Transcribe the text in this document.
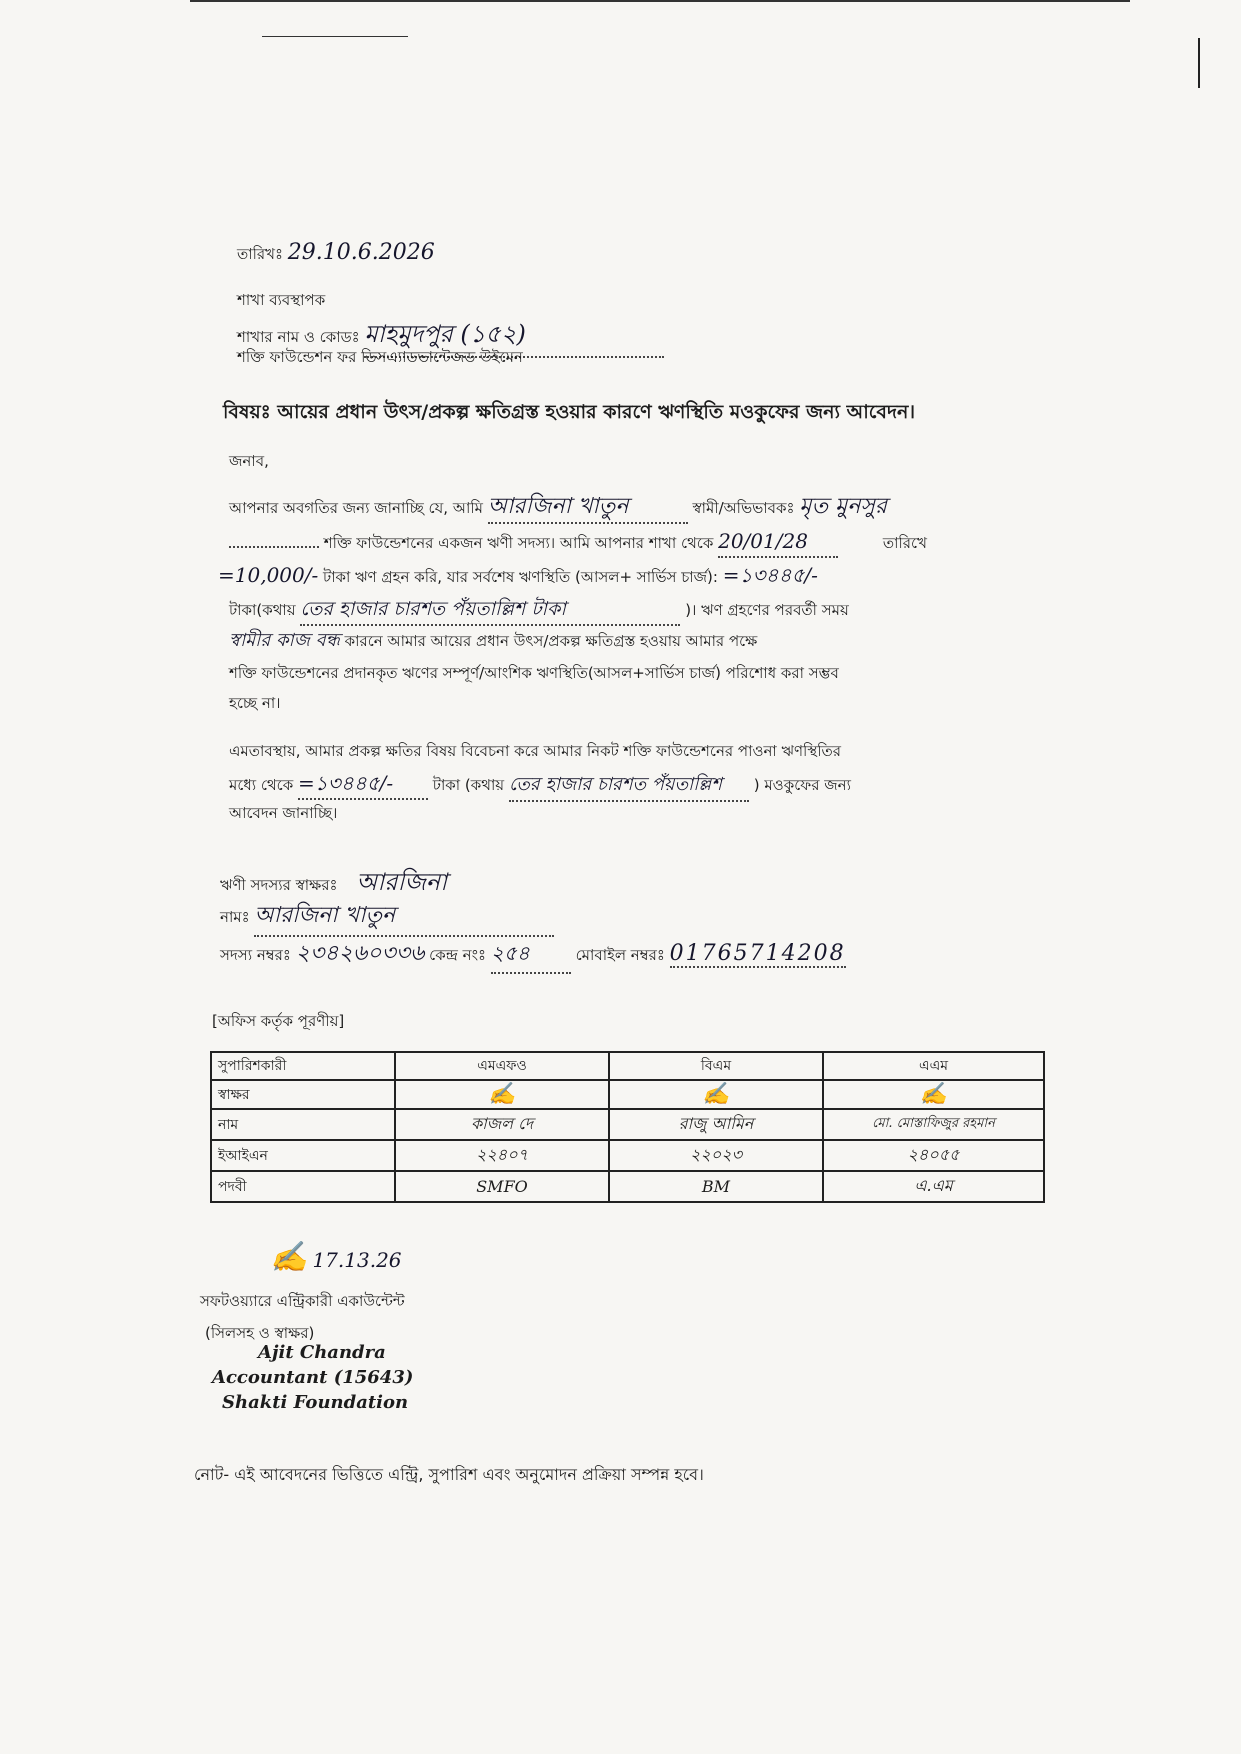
তারিখঃ 29.10.6.2026
শাখা ব্যবস্থাপক
শাখার নাম ও কোডঃ মাহমুদপুর (১৫২)
শক্তি ফাউন্ডেশন ফর ডিসএ্যাডভান্টেজড উইমেন
বিষয়ঃ আয়ের প্রধান উৎস/প্রকল্প ক্ষতিগ্রস্ত হওয়ার কারণে ঋণস্থিতি মওকুফের জন্য আবেদন।
জনাব,
আপনার অবগতির জন্য জানাচ্ছি যে, আমি আরজিনা খাতুন	স্বামী/অভিভাবকঃ মৃত মুনসুর
শক্তি ফাউন্ডেশনের একজন ঋণী সদস্য। আমি আপনার শাখা থেকে 20/01/28	তারিখে
=10,000/- টাকা ঋণ গ্রহন করি, যার সর্বশেষ ঋণস্থিতি (আসল+ সার্ভিস চার্জ): =১৩৪৪৫/-
টাকা(কথায় তের হাজার চারশত পঁয়তাল্লিশ টাকা	)। ঋণ গ্রহণের পরবর্তী সময়
স্বামীর কাজ বন্ধ কারনে আমার আয়ের প্রধান উৎস/প্রকল্প ক্ষতিগ্রস্ত হওয়ায় আমার পক্ষে
শক্তি ফাউন্ডেশনের প্রদানকৃত ঋণের সম্পূর্ণ/আংশিক ঋণস্থিতি(আসল+সার্ভিস চার্জ) পরিশোধ করা সম্ভব
হচ্ছে না।
এমতাবস্থায়, আমার প্রকল্প ক্ষতির বিষয় বিবেচনা করে আমার নিকট শক্তি ফাউন্ডেশনের পাওনা ঋণস্থিতির
মধ্যে থেকে =১৩৪৪৫/-	টাকা (কথায় তের হাজার চারশত পঁয়তাল্লিশ ) মওকুফের জন্য
আবেদন জানাচ্ছি।
ঋণী সদস্যর স্বাক্ষরঃ আরজিনা
নামঃ আরজিনা খাতুন
সদস্য নম্বরঃ ২৩৪২৬০৩৩৬ কেন্দ্র নংঃ ২৫৪	মোবাইল নম্বরঃ 01765714208
[অফিস কর্তৃক পূরণীয়]
সুপারিশকারী	এমএফও	বিএম	এএম
স্বাক্ষর	✍	✍	✍
নাম	কাজল দে	রাজু আমিন	মো. মোস্তাফিজুর রহমান
ইআইএন	২২৪০৭	২২০২৩	২৪০৫৫
পদবী	SMFO	BM	এ.এম
✍ 17.13.26
সফটওয়্যারে এন্ট্রিকারী একাউন্টেন্ট
(সিলসহ ও স্বাক্ষর)
Ajit Chandra
Accountant (15643)
Shakti Foundation
নোট- এই আবেদনের ভিত্তিতে এন্ট্রি, সুপারিশ এবং অনুমোদন প্রক্রিয়া সম্পন্ন হবে।
